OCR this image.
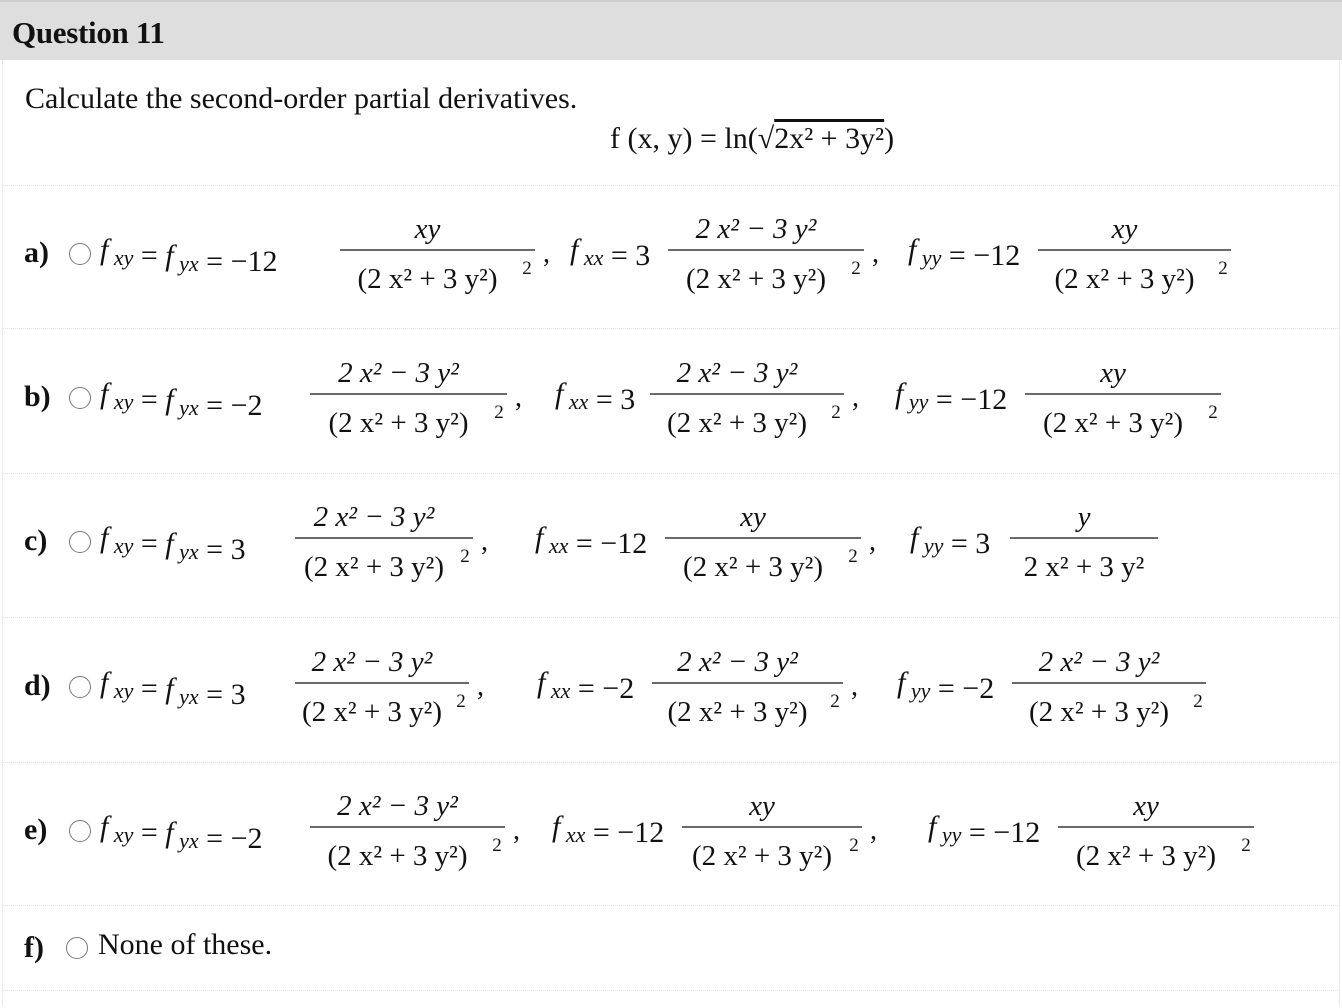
Question 11
Calculate the second-order partial derivatives.
f (x, y) = ln(√2x² + 3y²)
a)
b)
c)
d)
e)
f) None of these.
f $_{xy}$ = f $_{yx}$ = −12
xy
(2 x² + 3 y²) 2 , f $_{xx}$ = 3
2 x² − 3 y²
(2 x² + 3 y²) 2 , f $_{yy}$ = −12
xy
(2 x² + 3 y²) 2
f $_{xy}$ = f $_{yx}$ = −2
2 x² − 3 y²
(2 x² + 3 y²) 2 , f $_{xx}$ = 3
2 x² − 3 y²
(2 x² + 3 y²) 2 , f $_{yy}$ = −12
xy
(2 x² + 3 y²) 2
f $_{xy}$ = f $_{yx}$ = 3
2 x² − 3 y²
(2 x² + 3 y²) 2 , f $_{xx}$ = −12
xy
(2 x² + 3 y²) 2 , f $_{yy}$ = 3
y
2 x² + 3 y²
f $_{xy}$ = f $_{yx}$ = 3
2 x² − 3 y²
(2 x² + 3 y²) 2 , f $_{xx}$ = −2
2 x² − 3 y²
(2 x² + 3 y²) 2 , f $_{yy}$ = −2
2 x² − 3 y²
(2 x² + 3 y²) 2
f $_{xy}$ = f $_{yx}$ = −2
2 x² − 3 y²
(2 x² + 3 y²) 2 , f $_{xx}$ = −12
xy
(2 x² + 3 y²) 2 , f $_{yy}$ = −12
xy
(2 x² + 3 y²) 2
